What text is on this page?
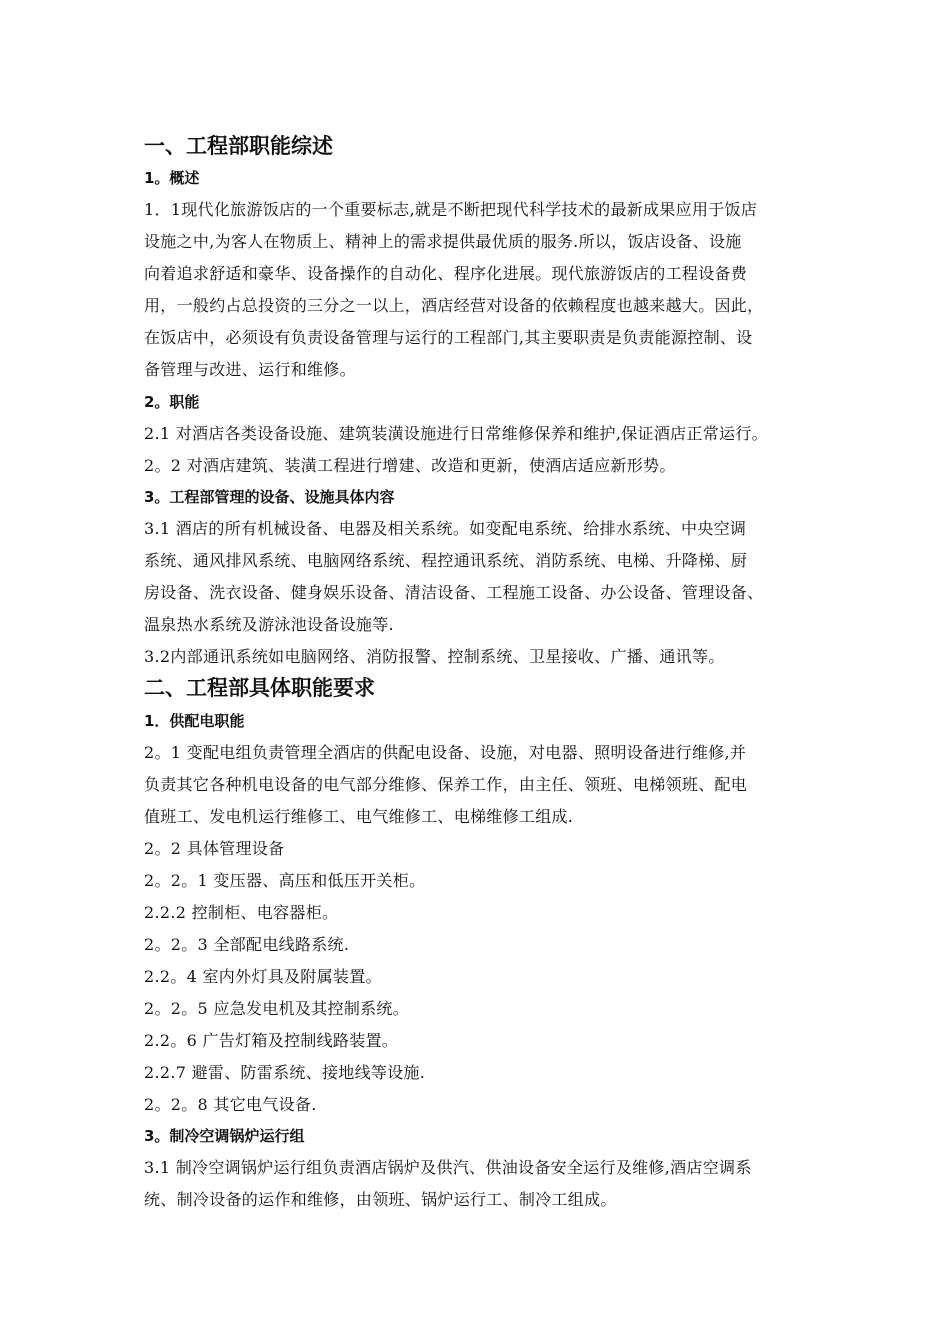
一、工程部职能综述
1。概述
1．1现代化旅游饭店的一个重要标志,就是不断把现代科学技术的最新成果应用于饭店
设施之中,为客人在物质上、精神上的需求提供最优质的服务.所以，饭店设备、设施
向着追求舒适和豪华、设备操作的自动化、程序化进展。现代旅游饭店的工程设备费
用，一般约占总投资的三分之一以上，酒店经营对设备的依赖程度也越来越大。因此，
在饭店中，必须设有负责设备管理与运行的工程部门,其主要职责是负责能源控制、设
备管理与改进、运行和维修。
2。职能
2.1 对酒店各类设备设施、建筑装潢设施进行日常维修保养和维护,保证酒店正常运行。
2。2 对酒店建筑、装潢工程进行增建、改造和更新，使酒店适应新形势。
3。工程部管理的设备、设施具体内容
3.1 酒店的所有机械设备、电器及相关系统。如变配电系统、给排水系统、中央空调
系统、通风排风系统、电脑网络系统、程控通讯系统、消防系统、电梯、升降梯、厨
房设备、洗衣设备、健身娱乐设备、清洁设备、工程施工设备、办公设备、管理设备、
温泉热水系统及游泳池设备设施等.
3.2内部通讯系统如电脑网络、消防报警、控制系统、卫星接收、广播、通讯等。
二、工程部具体职能要求
1．供配电职能
2。1 变配电组负责管理全酒店的供配电设备、设施，对电器、照明设备进行维修,并
负责其它各种机电设备的电气部分维修、保养工作，由主任、领班、电梯领班、配电
值班工、发电机运行维修工、电气维修工、电梯维修工组成.
2。2 具体管理设备
2。2。1 变压器、高压和低压开关柜。
2.2.2 控制柜、电容器柜。
2。2。3 全部配电线路系统.
2.2。4 室内外灯具及附属装置。
2。2。5 应急发电机及其控制系统。
2.2。6 广告灯箱及控制线路装置。
2.2.7 避雷、防雷系统、接地线等设施.
2。2。8 其它电气设备.
3。制冷空调锅炉运行组
3.1 制冷空调锅炉运行组负责酒店锅炉及供汽、供油设备安全运行及维修,酒店空调系
统、制冷设备的运作和维修，由领班、锅炉运行工、制冷工组成。
